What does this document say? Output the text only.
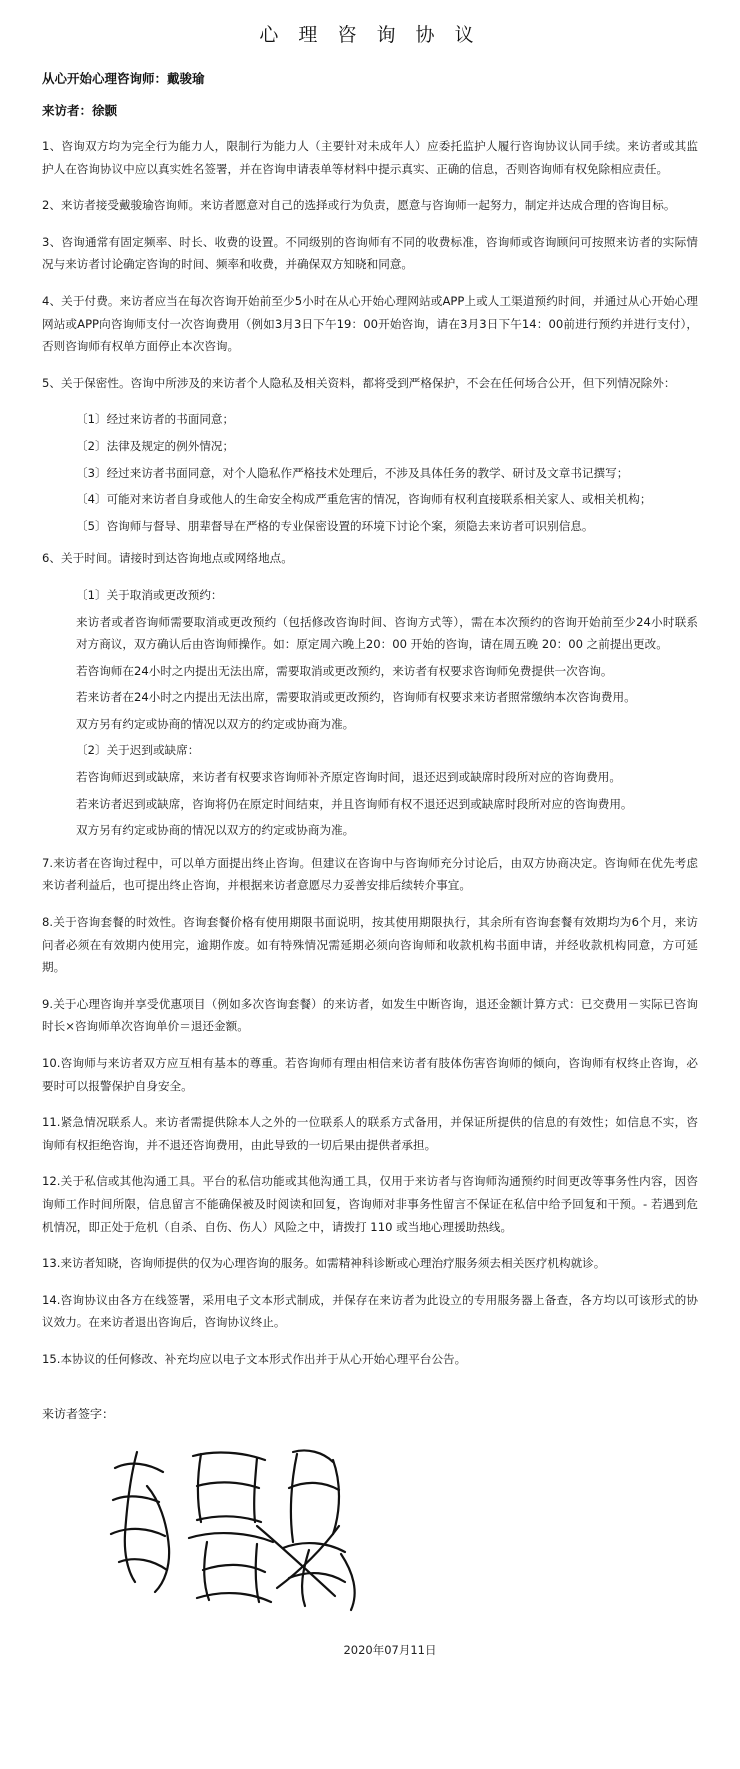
心 理 咨 询 协 议
从心开始心理咨询师：戴骏瑜
来访者：徐颢

1、咨询双方均为完全行为能力人，限制行为能力人（主要针对未成年人）应委托监护人履行咨询协议认同手续。来访者或其监护人在咨询协议中应以真实姓名签署，并在咨询申请表单等材料中提示真实、正确的信息，否则咨询师有权免除相应责任。

2、来访者接受戴骏瑜咨询师。来访者愿意对自己的选择或行为负责，愿意与咨询师一起努力，制定并达成合理的咨询目标。

3、咨询通常有固定频率、时长、收费的设置。不同级别的咨询师有不同的收费标准，咨询师或咨询顾问可按照来访者的实际情况与来访者讨论确定咨询的时间、频率和收费，并确保双方知晓和同意。

4、关于付费。来访者应当在每次咨询开始前至少5小时在从心开始心理网站或APP上或人工渠道预约时间，并通过从心开始心理网站或APP向咨询师支付一次咨询费用（例如3月3日下午19：00开始咨询，请在3月3日下午14：00前进行预约并进行支付），否则咨询师有权单方面停止本次咨询。

5、关于保密性。咨询中所涉及的来访者个人隐私及相关资料，都将受到严格保护，不会在任何场合公开，但下列情况除外：

〔1〕经过来访者的书面同意；

〔2〕法律及规定的例外情况；

〔3〕经过来访者书面同意，对个人隐私作严格技术处理后，不涉及具体任务的教学、研讨及文章书记撰写；

〔4〕可能对来访者自身或他人的生命安全构成严重危害的情况，咨询师有权利直接联系相关家人、或相关机构；

〔5〕咨询师与督导、朋辈督导在严格的专业保密设置的环境下讨论个案，须隐去来访者可识别信息。

6、关于时间。请接时到达咨询地点或网络地点。

〔1〕关于取消或更改预约：

来访者或者咨询师需要取消或更改预约（包括修改咨询时间、咨询方式等），需在本次预约的咨询开始前至少24小时联系对方商议，双方确认后由咨询师操作。如：原定周六晚上20：00 开始的咨询，请在周五晚 20：00 之前提出更改。

若咨询师在24小时之内提出无法出席，需要取消或更改预约，来访者有权要求咨询师免费提供一次咨询。

若来访者在24小时之内提出无法出席，需要取消或更改预约，咨询师有权要求来访者照常缴纳本次咨询费用。

双方另有约定或协商的情况以双方的约定或协商为准。

〔2〕关于迟到或缺席：

若咨询师迟到或缺席，来访者有权要求咨询师补齐原定咨询时间，退还迟到或缺席时段所对应的咨询费用。

若来访者迟到或缺席，咨询将仍在原定时间结束，并且咨询师有权不退还迟到或缺席时段所对应的咨询费用。

双方另有约定或协商的情况以双方的约定或协商为准。

7.来访者在咨询过程中，可以单方面提出终止咨询。但建议在咨询中与咨询师充分讨论后，由双方协商决定。咨询师在优先考虑来访者利益后，也可提出终止咨询，并根据来访者意愿尽力妥善安排后续转介事宜。

8.关于咨询套餐的时效性。咨询套餐价格有使用期限书面说明，按其使用期限执行，其余所有咨询套餐有效期均为6个月，来访问者必须在有效期内使用完，逾期作废。如有特殊情况需延期必须向咨询师和收款机构书面申请，并经收款机构同意，方可延期。

9.关于心理咨询并享受优惠项目（例如多次咨询套餐）的来访者，如发生中断咨询，退还金额计算方式：已交费用－实际已咨询时长×咨询师单次咨询单价＝退还金额。

10.咨询师与来访者双方应互相有基本的尊重。若咨询师有理由相信来访者有肢体伤害咨询师的倾向，咨询师有权终止咨询，必要时可以报警保护自身安全。

11.紧急情况联系人。来访者需提供除本人之外的一位联系人的联系方式备用，并保证所提供的信息的有效性；如信息不实，咨询师有权拒绝咨询，并不退还咨询费用，由此导致的一切后果由提供者承担。

12.关于私信或其他沟通工具。平台的私信功能或其他沟通工具，仅用于来访者与咨询师沟通预约时间更改等事务性内容，因咨询师工作时间所限，信息留言不能确保被及时阅读和回复，咨询师对非事务性留言不保证在私信中给予回复和干预。- 若遇到危机情况，即正处于危机（自杀、自伤、伤人）风险之中，请拨打 110 或当地心理援助热线。

13.来访者知晓，咨询师提供的仅为心理咨询的服务。如需精神科诊断或心理治疗服务须去相关医疗机构就诊。

14.咨询协议由各方在线签署，采用电子文本形式制成，并保存在来访者为此设立的专用服务器上备查，各方均以可该形式的协议效力。在来访者退出咨询后，咨询协议终止。

15.本协议的任何修改、补充均应以电子文本形式作出并于从心开始心理平台公告。

来访者签字：
2020年07月11日
